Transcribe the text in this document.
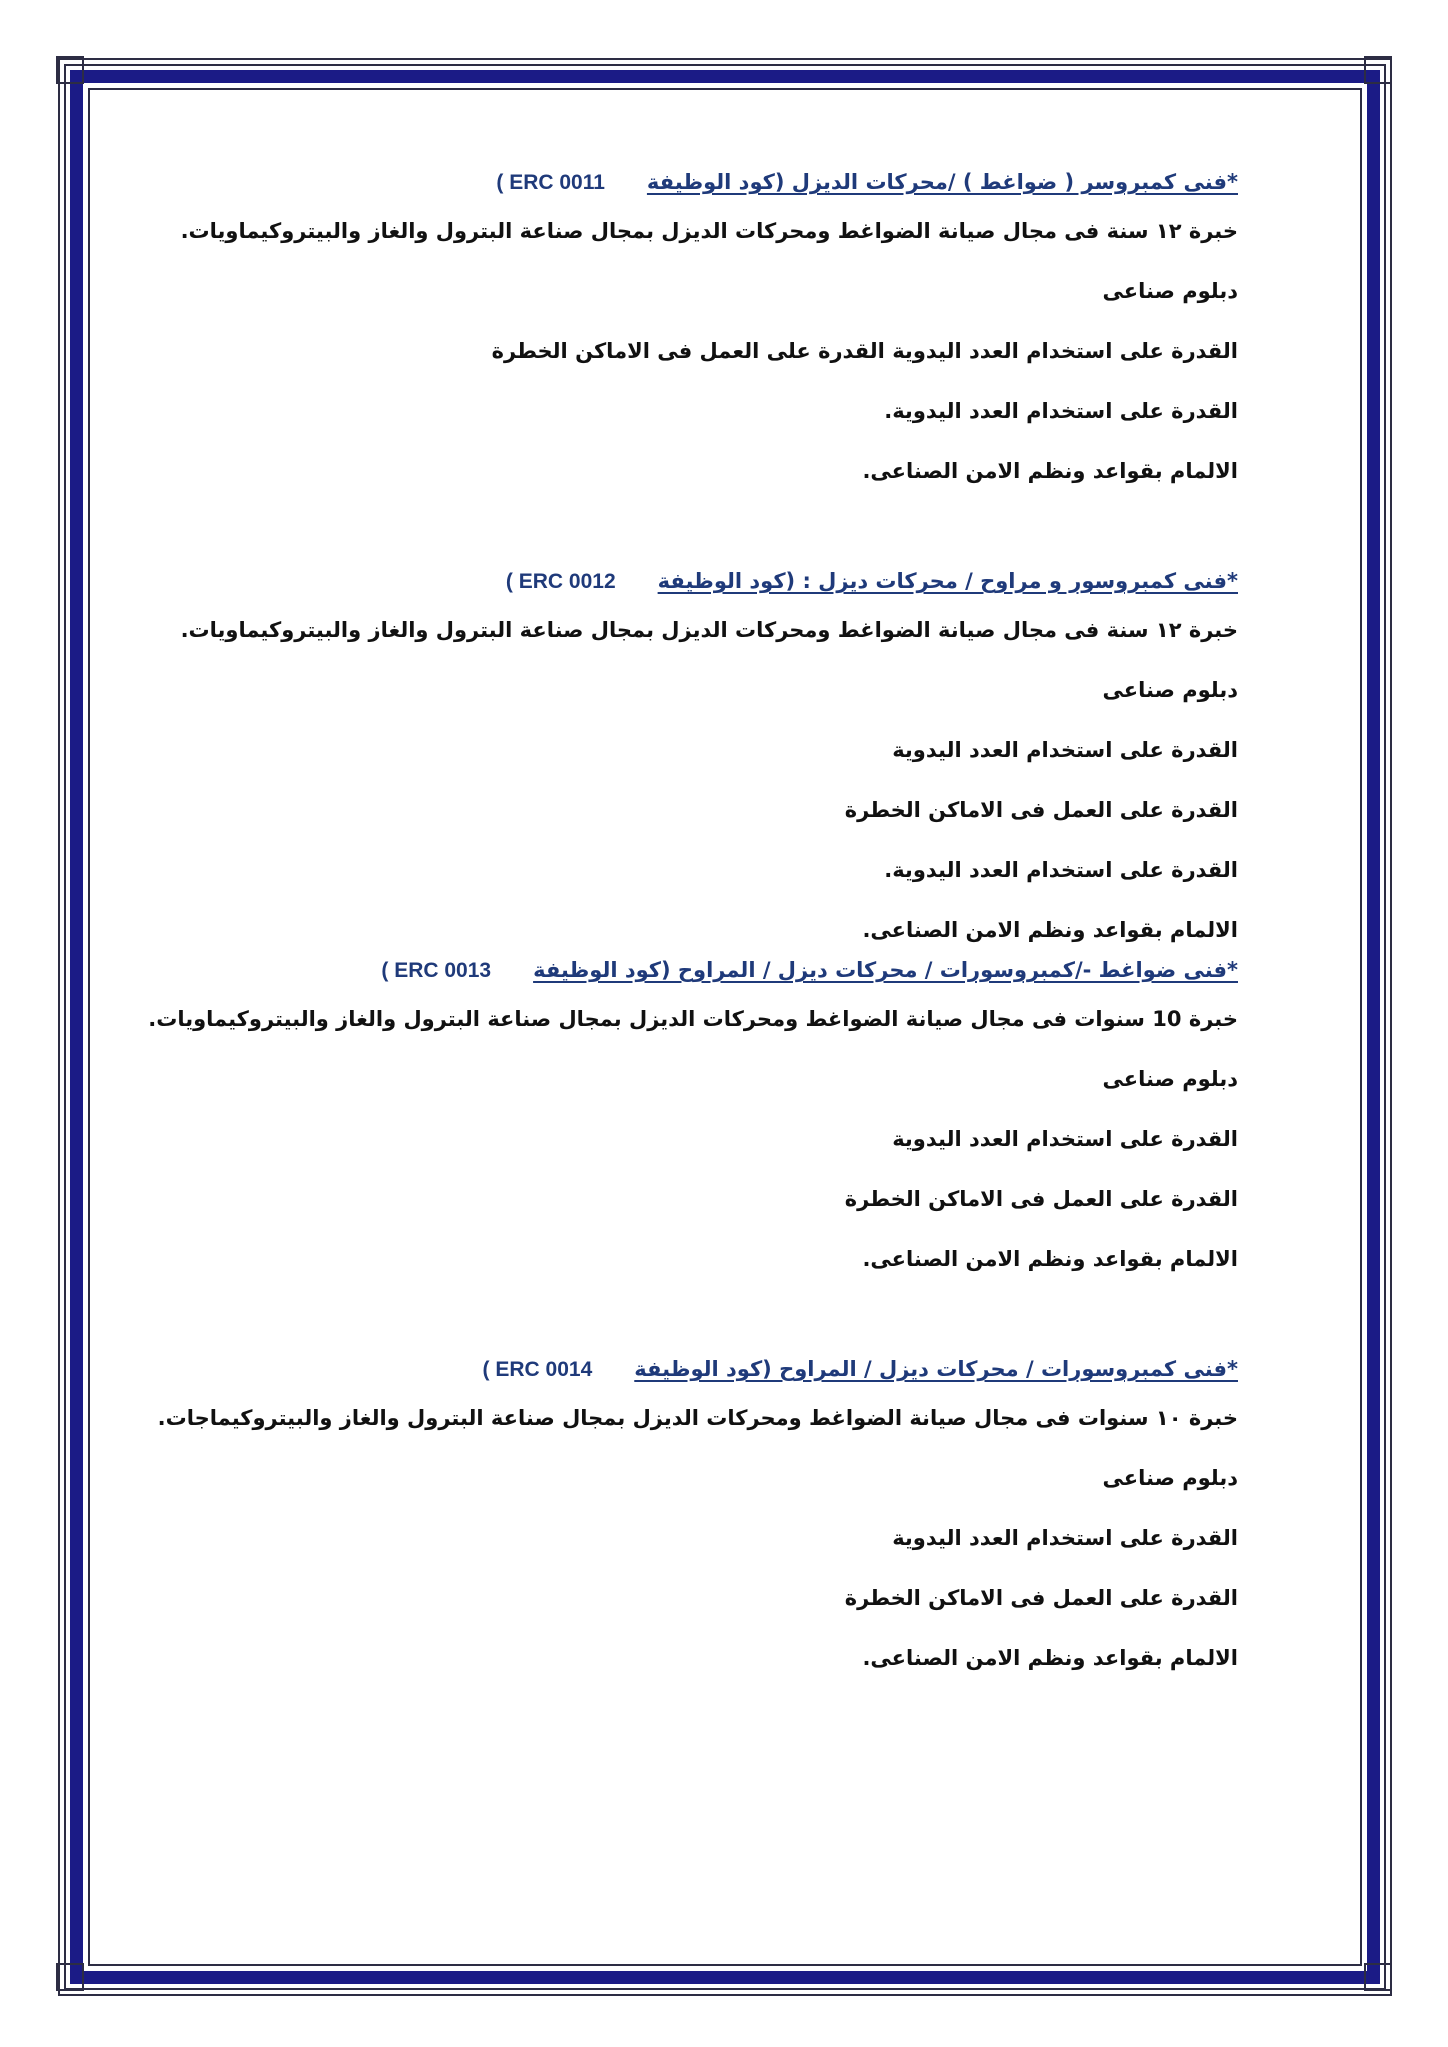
*فنى كمبروسر ( ضواغط ) /محركات الديزل (كود الوظيفةERC 0011 )
خبرة ١٢ سنة فى مجال صيانة الضواغط ومحركات الديزل بمجال صناعة البترول والغاز والبيتروكيماويات.
دبلوم صناعى
القدرة على استخدام العدد اليدوية القدرة على العمل فى الاماكن الخطرة
القدرة على استخدام العدد اليدوية.
الالمام بقواعد ونظم الامن الصناعى.
*فنى كمبروسور و مراوح / محركات ديزل : (كود الوظيفةERC 0012 )
خبرة ١٢ سنة فى مجال صيانة الضواغط ومحركات الديزل بمجال صناعة البترول والغاز والبيتروكيماويات.
دبلوم صناعى
القدرة على استخدام العدد اليدوية
القدرة على العمل فى الاماكن الخطرة
القدرة على استخدام العدد اليدوية.
الالمام بقواعد ونظم الامن الصناعى.
*فنى ضواغط -/كمبروسورات / محركات ديزل / المراوح (كود الوظيفةERC 0013 )
خبرة 10 سنوات فى مجال صيانة الضواغط ومحركات الديزل بمجال صناعة البترول والغاز والبيتروكيماويات.
دبلوم صناعى
القدرة على استخدام العدد اليدوية
القدرة على العمل فى الاماكن الخطرة
الالمام بقواعد ونظم الامن الصناعى.
*فنى كمبروسورات / محركات ديزل / المراوح (كود الوظيفةERC 0014 )
خبرة ١٠ سنوات فى مجال صيانة الضواغط ومحركات الديزل بمجال صناعة البترول والغاز والبيتروكيماجات.
دبلوم صناعى
القدرة على استخدام العدد اليدوية
القدرة على العمل فى الاماكن الخطرة
الالمام بقواعد ونظم الامن الصناعى.
